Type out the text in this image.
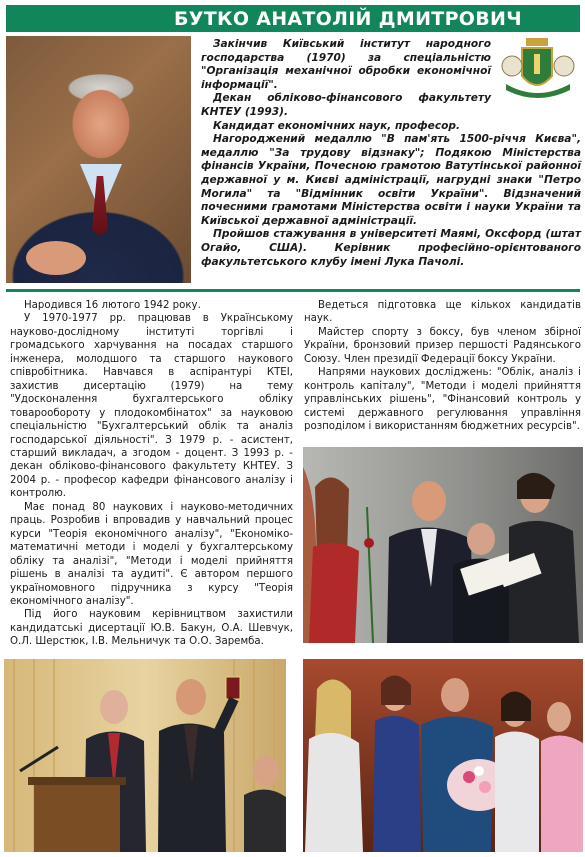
БУТКО АНАТОЛІЙ ДМИТРОВИЧ

Закінчив Київський інститут народного господарства (1970) за спеціальністю "Організація механічної обробки економічної інформації".

Декан обліково-фінансового факультету КНТЕУ (1993).

Кандидат економічних наук, професор.

Нагороджений медаллю "В пам'ять 1500-річчя Києва", медаллю "За трудову відзнаку"; Подякою Міністерства фінансів України, Почесною грамотою Ватутінської районної державної у м. Києві адміністрації, нагрудні знаки "Петро Могила" та "Відмінник освіти України". Відзначений почесними грамотами Міністерства освіти і науки України та Київської державної адміністрації.

Пройшов стажування в університеті Маямі, Оксфорд (штат Огайо, США). Керівник професійно-орієнтованого факультетського клубу імені Лука Пачолі.

Народився 16 лютого 1942 року.

У 1970-1977 рр. працював в Українському науково-дослідному інституті торгівлі і громадського харчування на посадах старшого інженера, молодшого та старшого наукового співробітника. Навчався в аспірантурі КТЕІ, захистив дисертацію (1979) на тему "Удосконалення бухгалтерського обліку товарообороту у плодокомбінатох" за науковою спеціальністю "Бухгалтерський облік та аналіз господарської діяльності". З 1979 р. - асистент, старший викладач, а згодом - доцент. З 1993 р. - декан обліково-фінансового факультету КНТЕУ. З 2004 р. - професор кафедри фінансового аналізу і контролю.

Має понад 80 наукових і науково-методичних праць. Розробив і впровадив у навчальний процес курси "Теорія економічного аналізу", "Економіко-математичні методи і моделі у бухгалтерському обліку та аналізі", "Методи і моделі прийняття рішень в аналізі та аудиті". Є автором першого україномовного підручника з курсу "Теорія економічного аналізу".

Під його науковим керівництвом захистили кандидатські дисертації Ю.В. Бакун, О.А. Шевчук, О.Л. Шерстюк, І.В. Мельничук та О.О. Заремба.

Ведеться підготовка ще кількох кандидатів наук.

Майстер спорту з боксу, був членом збірної України, бронзовий призер першості Радянського Союзу. Член президії Федерації боксу України.

Напрями наукових досліджень: "Облік, аналіз і контроль капіталу", "Методи і моделі прийняття управлінських рішень", "Фінансовий контроль у системі державного регулювання управління розподілом і використанням бюджетних ресурсів".
